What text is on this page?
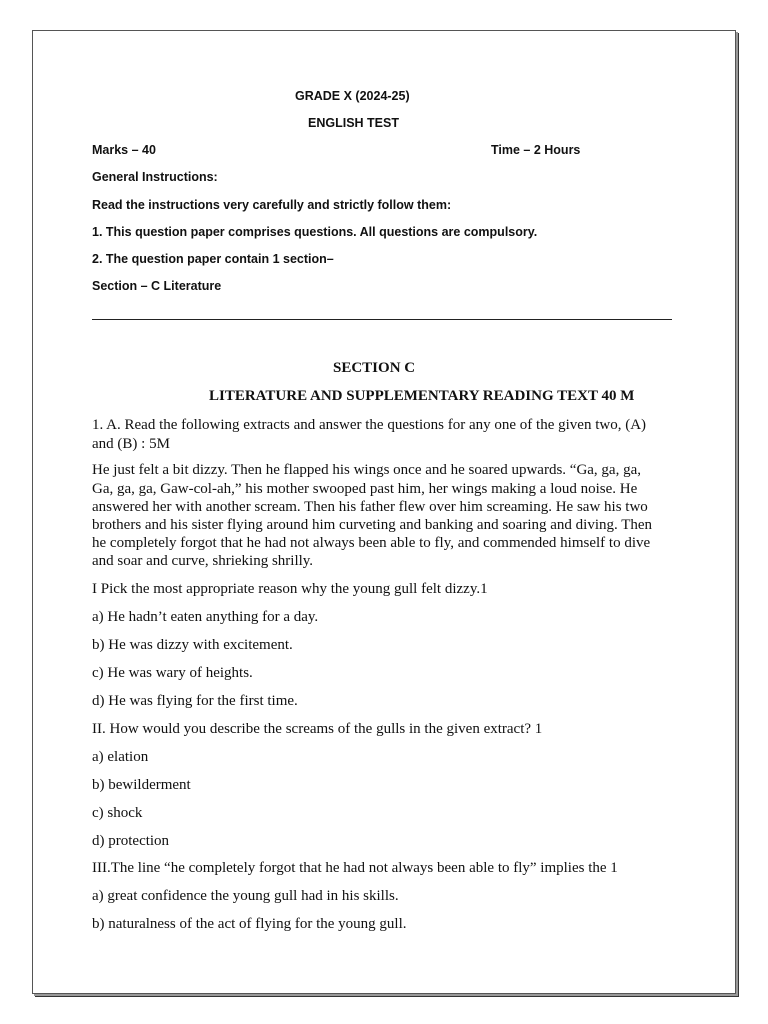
GRADE X (2024-25)
ENGLISH TEST
Marks – 40	Time – 2 Hours
General Instructions:
Read the instructions very carefully and strictly follow them:
1. This question paper comprises questions. All questions are compulsory.
2. The question paper contain 1 section–
Section – C Literature
SECTION C
LITERATURE AND SUPPLEMENTARY READING TEXT 40 M
1. A. Read the following extracts and answer the questions for any one of the given two, (A)
and (B) : 5M
He just felt a bit dizzy. Then he flapped his wings once and he soared upwards. “Ga, ga, ga,
Ga, ga, ga, Gaw-col-ah,” his mother swooped past him, her wings making a loud noise. He
answered her with another scream. Then his father flew over him screaming. He saw his two
brothers and his sister flying around him curveting and banking and soaring and diving. Then
he completely forgot that he had not always been able to fly, and commended himself to dive
and soar and curve, shrieking shrilly.
I Pick the most appropriate reason why the young gull felt dizzy.1
a) He hadn’t eaten anything for a day.
b) He was dizzy with excitement.
c) He was wary of heights.
d) He was flying for the first time.
II. How would you describe the screams of the gulls in the given extract? 1
a) elation
b) bewilderment
c) shock
d) protection
III.The line “he completely forgot that he had not always been able to fly” implies the 1
a) great confidence the young gull had in his skills.
b) naturalness of the act of flying for the young gull.
